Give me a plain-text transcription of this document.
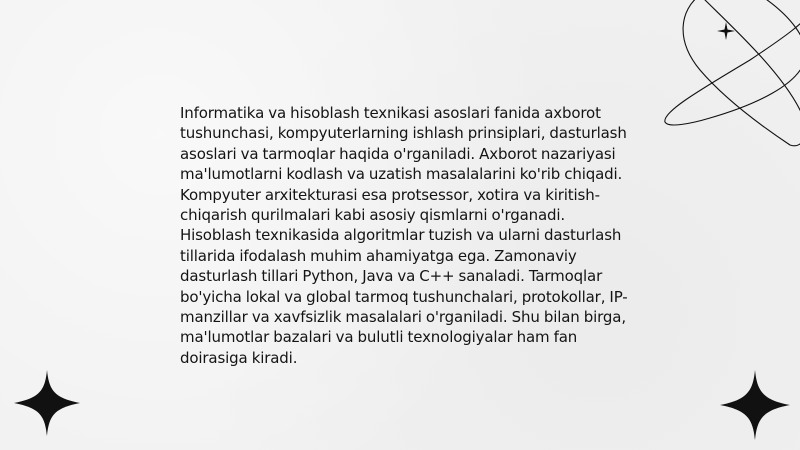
Informatika va hisoblash texnikasi asoslari fanida axborot tushunchasi, kompyuterlarning ishlash prinsiplari, dasturlash asoslari va tarmoqlar haqida o'rganiladi. Axborot nazariyasi ma'lumotlarni kodlash va uzatish masalalarini ko'rib chiqadi. Kompyuter arxitekturasi esa protsessor, xotira va kiritish-chiqarish qurilmalari kabi asosiy qismlarni o'rganadi. Hisoblash texnikasida algoritmlar tuzish va ularni dasturlash tillarida ifodalash muhim ahamiyatga ega. Zamonaviy dasturlash tillari Python, Java va C++ sanaladi. Tarmoqlar bo'yicha lokal va global tarmoq tushunchalari, protokollar, IP-manzillar va xavfsizlik masalalari o'rganiladi. Shu bilan birga, ma'lumotlar bazalari va bulutli texnologiyalar ham fan doirasiga kiradi.
